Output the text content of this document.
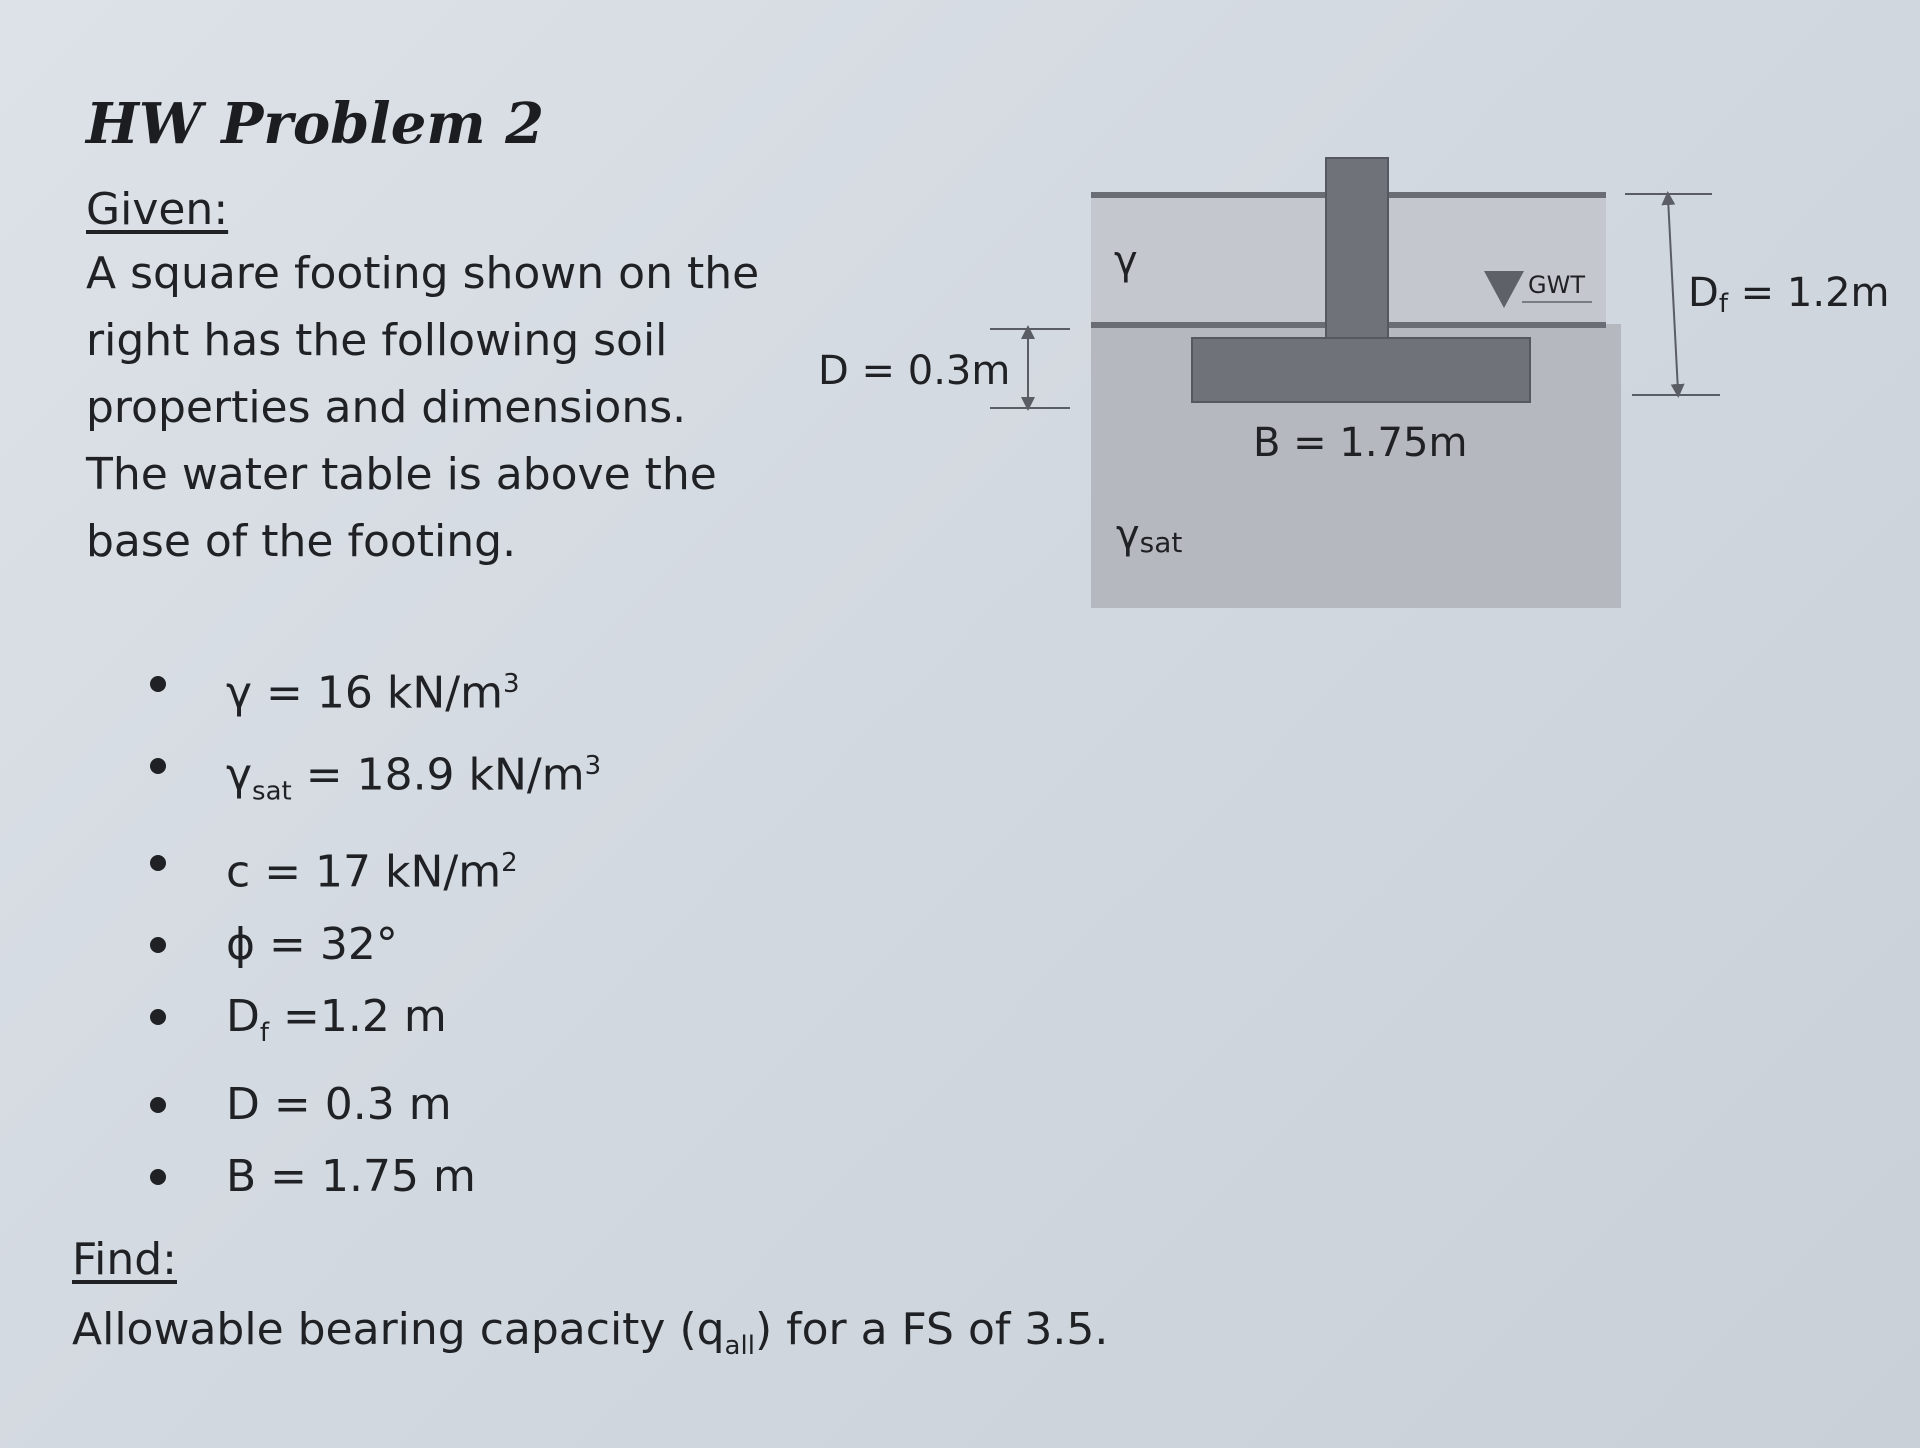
HW Problem 2
Given:

A square footing shown on the right has the following soil properties and dimensions. The water table is above the base of the footing.

γ = 16 $kN/m^3$
$\gamma_{sat} = 18.9$ $kN/m^3$
c = 17 $kN/m^2$
ϕ = 32°
$D_f =1.2$ m
D = 0.3 m
B = 1.75 m
Find:
Allowable bearing capacity $(q_{all})$ for a FS of 3.5.
GWT
γ
γsat
B = 1.75m
D = 0.3m
Df = 1.2m
